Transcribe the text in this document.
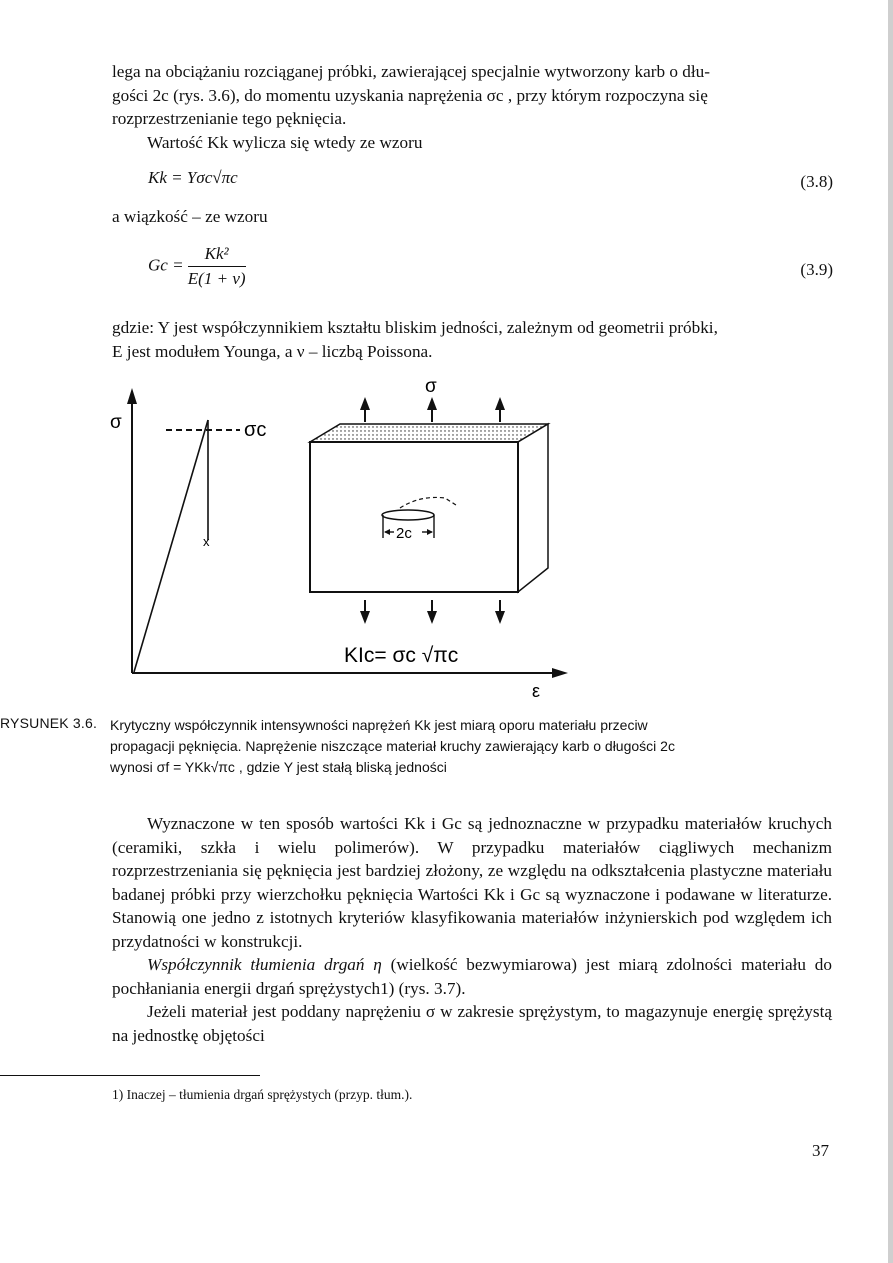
lega na obciążaniu rozciąganej próbki, zawierającej specjalnie wytworzony karb o dłu-

gości 2c (rys. 3.6), do momentu uzyskania naprężenia σc , przy którym rozpoczyna się

rozprzestrzenianie tego pęknięcia.

Wartość Kk wylicza się wtedy ze wzoru

Kk = Yσc√πc	(3.8)
a wiązkość – ze wzoru
$Gc = \frac{\text{Kk²}}{E(1 + \nu)}$	(3.9)

gdzie: Y jest współczynnikiem kształtu bliskim jedności, zależnym od geometrii próbki,

E jest modułem Younga, a ν – liczbą Poissona.

σ
ε
x
σc
σ
2c
KIc= σc √πc
RYSUNEK 3.6. Krytyczny współczynnik intensywności naprężeń Kk jest miarą oporu materiału przeciw
propagacji pęknięcia. Naprężenie niszczące materiał kruchy zawierający karb o długości 2c
wynosi σf = YKk√πc , gdzie Y jest stałą bliską jedności

Wyznaczone w ten sposób wartości Kk i Gc są jednoznaczne w przypadku materiałów kruchych (ceramiki, szkła i wielu polimerów). W przypadku materiałów ciągliwych mechanizm rozprzestrzeniania się pęknięcia jest bardziej złożony, ze względu na odkształcenia plastyczne materiału badanej próbki przy wierzchołku pęknięcia Wartości Kk i Gc są wyznaczone i podawane w literaturze. Stanowią one jedno z istotnych kryteriów klasyfikowania materiałów inżynierskich pod względem ich przydatności w konstrukcji.

Współczynnik tłumienia drgań η (wielkość bezwymiarowa) jest miarą zdolności materiału do pochłaniania energii drgań sprężystych1) (rys. 3.7).

Jeżeli materiał jest poddany naprężeniu σ w zakresie sprężystym, to magazynuje energię sprężystą na jednostkę objętości

1) Inaczej – tłumienia drgań sprężystych (przyp. tłum.).
37
